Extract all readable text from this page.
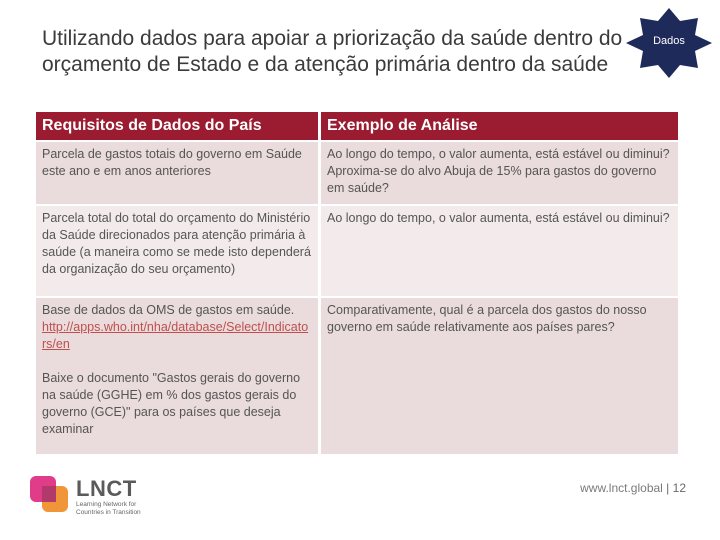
Utilizando dados para apoiar a priorização da saúde dentro do orçamento de Estado e da atenção primária dentro da saúde
Dados
Requisitos de Dados do País	Exemplo de Análise
Parcela de gastos totais do governo em Saúde este ano e em anos anteriores	Ao longo do tempo, o valor aumenta, está estável ou diminui? Aproxima-se do alvo Abuja de 15% para gastos do governo em saúde?
Parcela total do total do orçamento do Ministério da Saúde direcionados para atenção primária à saúde (a maneira como se mede isto dependerá da organização do seu orçamento)	Ao longo do tempo, o valor aumenta, está estável ou diminui?
Base de dados da OMS de gastos em saúde.
http://apps.who.int/nha/database/Select/Indicators/en
Baixe o documento "Gastos gerais do governo na saúde (GGHE) em % dos gastos gerais do governo (GCE)" para os países que deseja examinar	Comparativamente, qual é a parcela dos gastos do nosso governo em saúde relativamente aos países pares?
LNCT
Learning Network for
Countries in Transition
www.lnct.global | 12
